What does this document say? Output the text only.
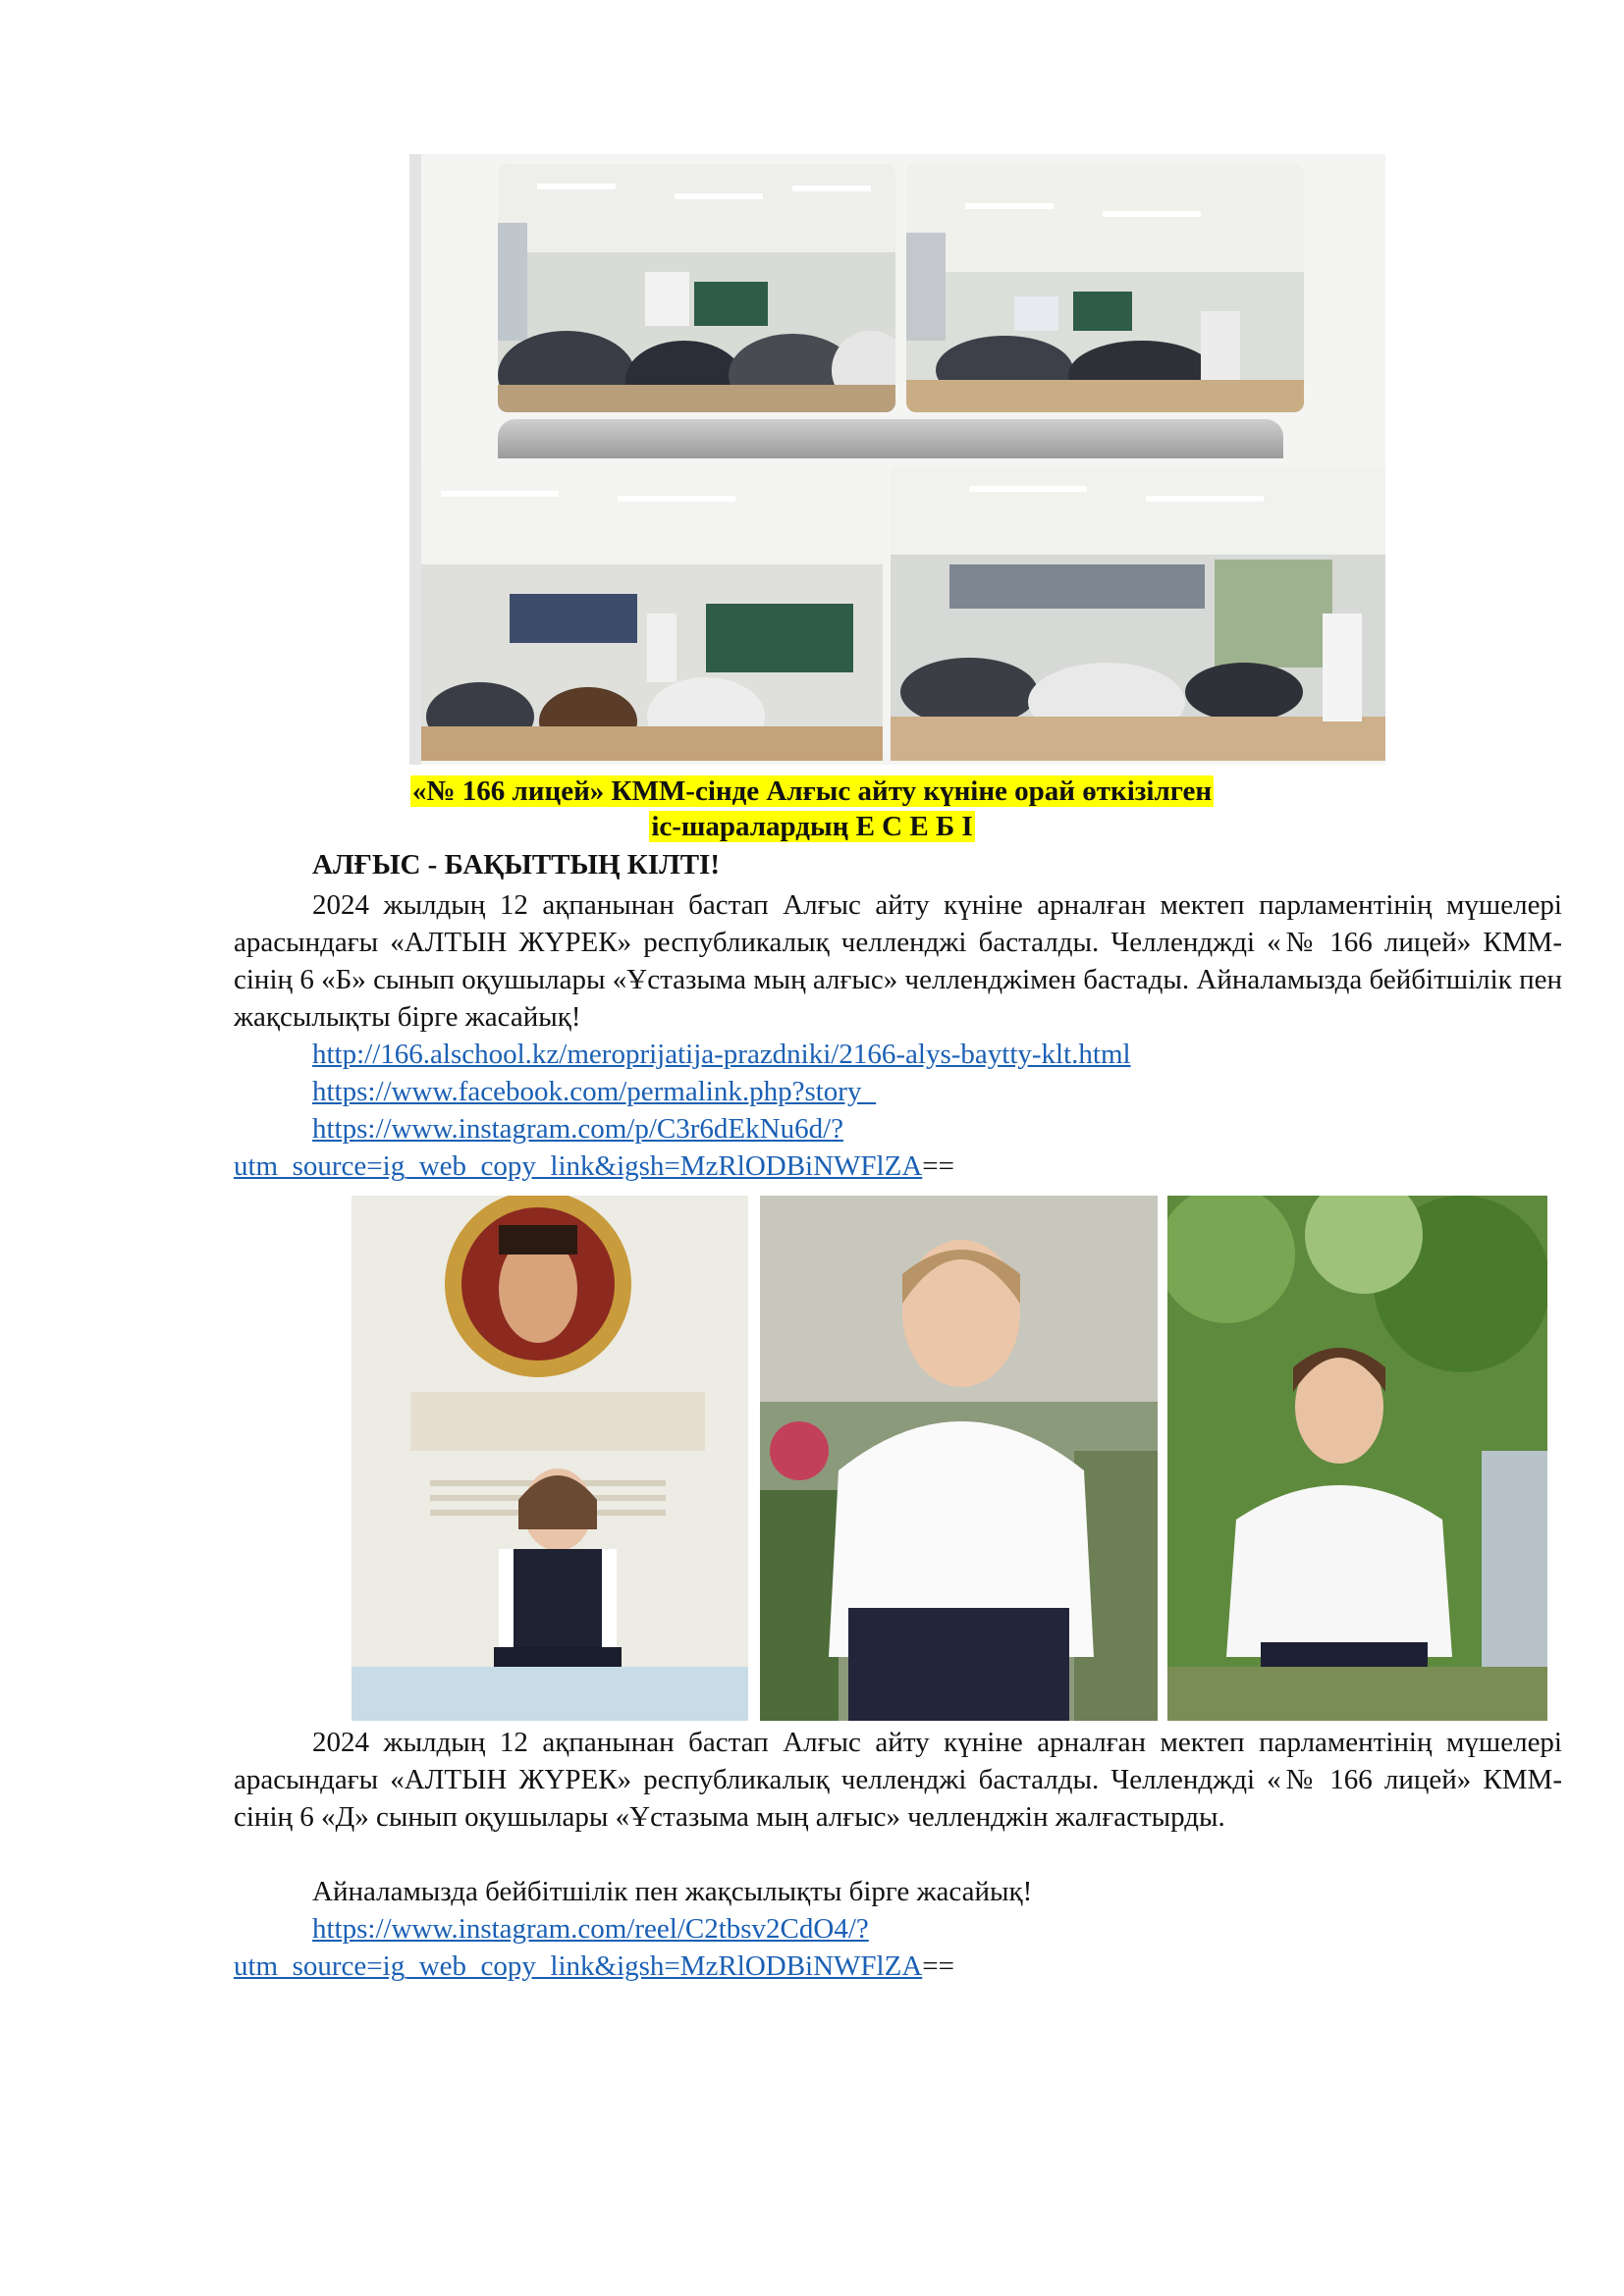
«№ 166 лицей» КММ-сінде Алғыс айту күніне орай өткізілген
іс-шаралардың Е С Е Б І
АЛҒЫС - БАҚЫТТЫҢ КІЛТІ!
2024 жылдың 12 ақпанынан бастап Алғыс айту күніне арналған мектеп парламентінің мүшелері арасындағы «АЛТЫН ЖҮРЕК» республикалық челленджі басталды. Челленджді «№ 166 лицей» КММ-сінің 6 «Б» сынып оқушылары «Ұстазыма мың алғыс» челленджімен бастады. Айналамызда бейбітшілік пен жақсылықты бірге жасайық!
http://166.alschool.kz/meroprijatija-prazdniki/2166-alys-baytty-klt.html
https://www.facebook.com/permalink.php?story_
https://www.instagram.com/p/C3r6dEkNu6d/?
utm_source=ig_web_copy_link&igsh=MzRlODBiNWFlZA==
2024 жылдың 12 ақпанынан бастап Алғыс айту күніне арналған мектеп парламентінің мүшелері арасындағы «АЛТЫН ЖҮРЕК» республикалық челленджі басталды. Челленджді «№ 166 лицей» КММ-сінің 6 «Д» сынып оқушылары «Ұстазыма мың алғыс» челленджін жалғастырды.
Айналамызда бейбітшілік пен жақсылықты бірге жасайық!
https://www.instagram.com/reel/C2tbsv2CdO4/?
utm_source=ig_web_copy_link&igsh=MzRlODBiNWFlZA==
